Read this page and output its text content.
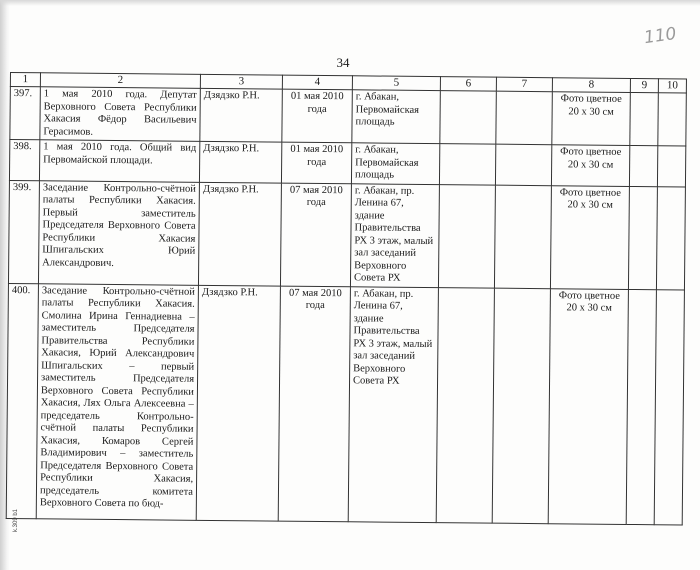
110
34
1	2	3	4	5	6	7	8	9	10
397.	1 мая 2010 года. Депутат Верховного Совета Республики Хакасия Фёдор Васильевич Герасимов.	Дзядзко Р.Н.	01 мая 2010 года	г. Абакан, Первомайская площадь			Фото цветное 20 х 30 см		
398.	1 мая 2010 года. Общий вид Первомайской площади.	Дзядзко Р.Н.	01 мая 2010 года	г. Абакан, Первомайская площадь			Фото цветное 20 х 30 см		
399.	Заседание Контрольно-счётной палаты Республики Хакасия. Первый заместитель Председателя Верховного Совета Республики Хакасия Шпигальских Юрий Александрович.	Дзядзко Р.Н.	07 мая 2010 года	г. Абакан, пр. Ленина 67, здание Правительства РХ 3 этаж, малый зал заседаний Верховного Совета РХ			Фото цветное 20 х 30 см		
400.	Заседание Контрольно-счётной палаты Республики Хакасия. Смолина Ирина Геннадиевна – заместитель Председателя Правительства Республики Хакасия, Юрий Александрович Шпигальских – первый заместитель Председателя Верховного Совета Республики Хакасия, Лях Ольга Алексеевна – председатель Контрольно-счётной палаты Республики Хакасия, Комаров Сергей Владимирович – заместитель Председателя Верховного Совета Республики Хакасия, председатель комитета Верховного Совета по бюд-	Дзядзко Р.Н.	07 мая 2010 года	г. Абакан, пр. Ленина 67, здание Правительства РХ 3 этаж, малый зал заседаний Верховного Совета РХ			Фото цветное 20 х 30 см		
k.309 b1
